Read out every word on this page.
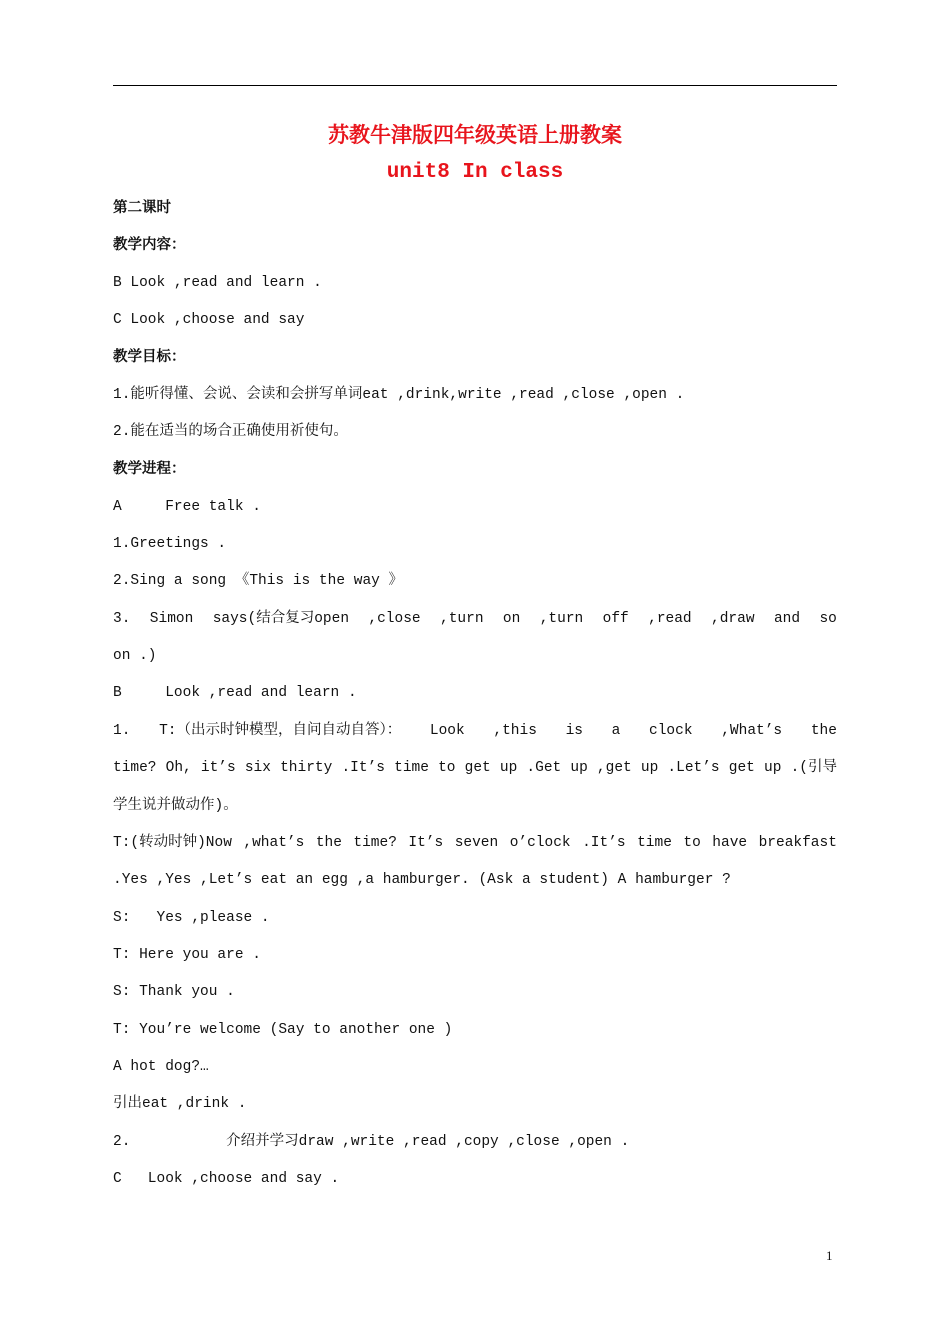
苏教牛津版四年级英语上册教案
unit8 In class
第二课时
教学内容：
B Look ,read and learn .
C Look ,choose and say
教学目标：
1.能听得懂、会说、会读和会拼写单词eat ,drink,write ,read ,close ,open .
2.能在适当的场合正确使用祈使句。
教学进程：
A     Free talk .
1.Greetings .
2.Sing a song 《This is the way 》
3. Simon says(结合复习open ,close ,turn on ,turn off ,read ,draw and so
on .)
B     Look ,read and learn .
1. T:（出示时钟模型，自问自动自答）： Look ,this is a clock ,What’s the
time? Oh, it’s six thirty .It’s time to get up .Get up ,get up .Let’s get up .(引导
学生说并做动作)。
T:(转动时钟)Now ,what’s the time? It’s seven o’clock .It’s time to have breakfast
.Yes ,Yes ,Let’s eat an egg ,a hamburger. (Ask a student) A hamburger ?
S:   Yes ,please .
T: Here you are .
S: Thank you .
T: You’re welcome (Say to another one )
A hot dog?…
引出eat ,drink .
2.           介绍并学习draw ,write ,read ,copy ,close ,open .
C   Look ,choose and say .
1
